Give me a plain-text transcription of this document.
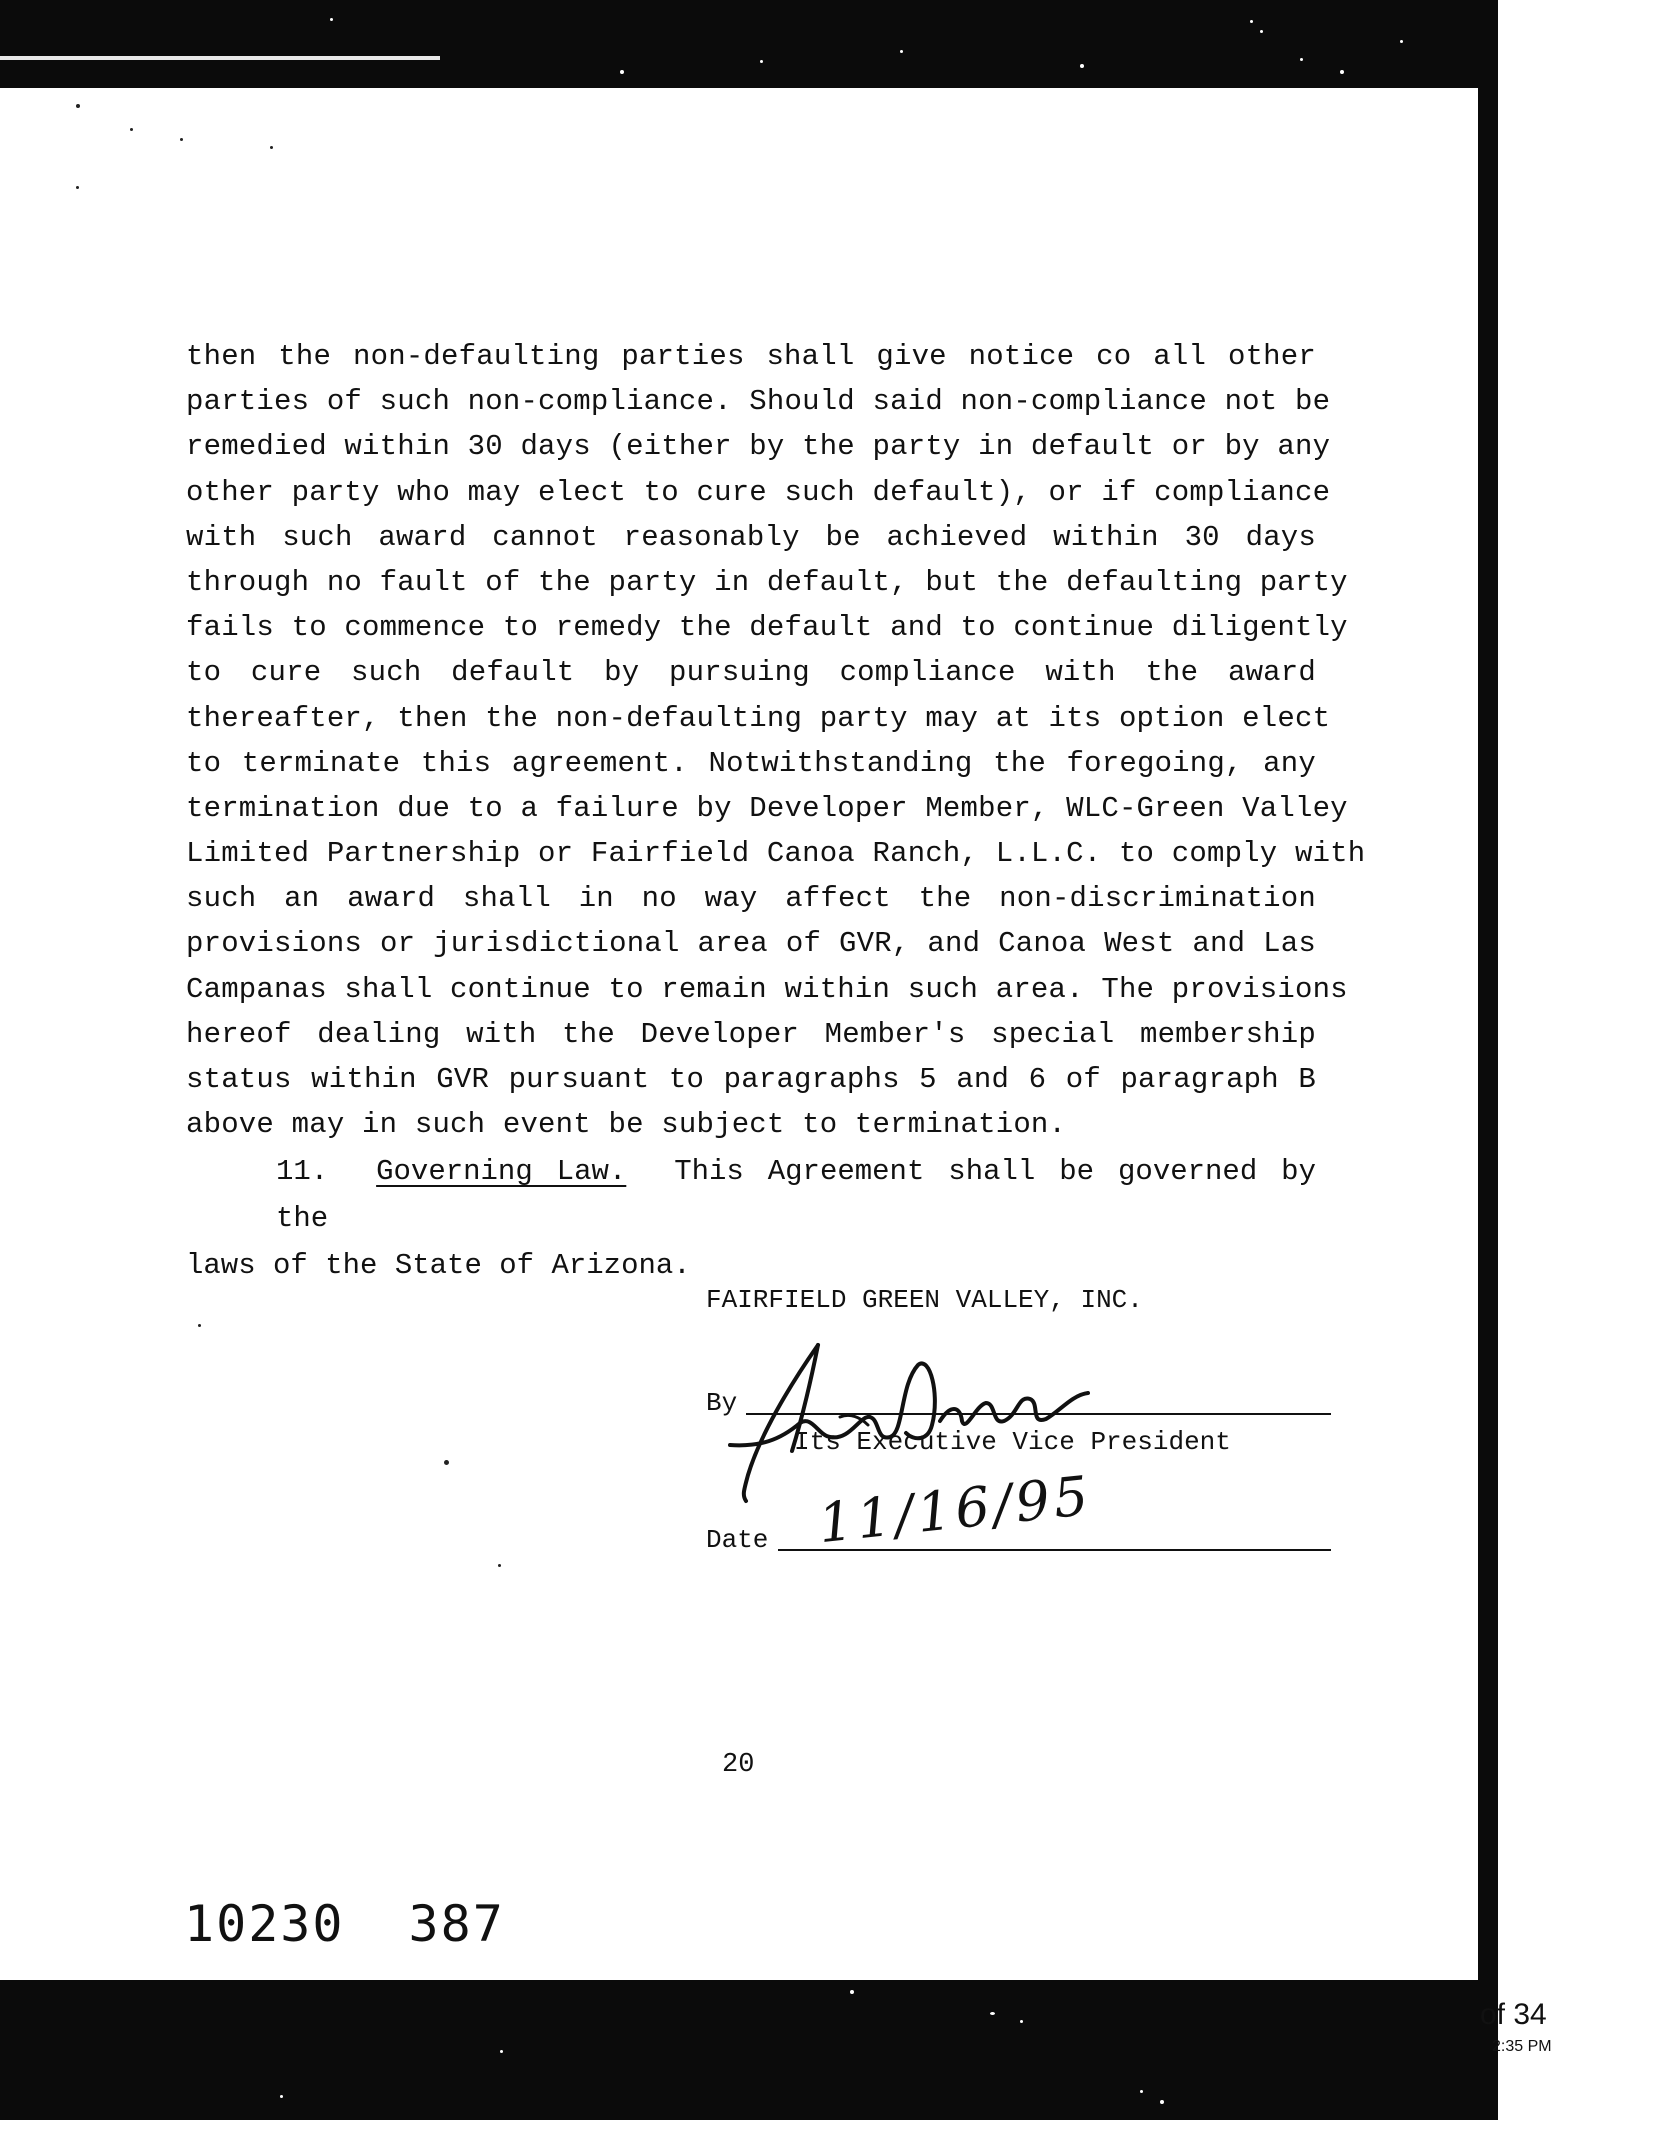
then the non-defaulting parties shall give notice co all other
parties of such non-compliance. Should said non-compliance not be
remedied within 30 days (either by the party in default or by any
other party who may elect to cure such default), or if compliance
with such award cannot reasonably be achieved within 30 days
through no fault of the party in default, but the defaulting party
fails to commence to remedy the default and to continue diligently
to cure such default by pursuing compliance with the award
thereafter, then the non-defaulting party may at its option elect
to terminate this agreement. Notwithstanding the foregoing, any
termination due to a failure by Developer Member, WLC-Green Valley
Limited Partnership or Fairfield Canoa Ranch, L.L.C. to comply with
such an award shall in no way affect the non-discrimination
provisions or jurisdictional area of GVR, and Canoa West and Las
Campanas shall continue to remain within such area. The provisions
hereof dealing with the Developer Member's special membership
status within GVR pursuant to paragraphs 5 and 6 of paragraph B
above may in such event be subject to termination.
11. Governing Law. This Agreement shall be governed by the
laws of the State of Arizona.
FAIRFIELD GREEN VALLEY, INC.
By
Its Executive Vice President
Date 11/16/95
20
10230 387
of 34
2:35 PM
